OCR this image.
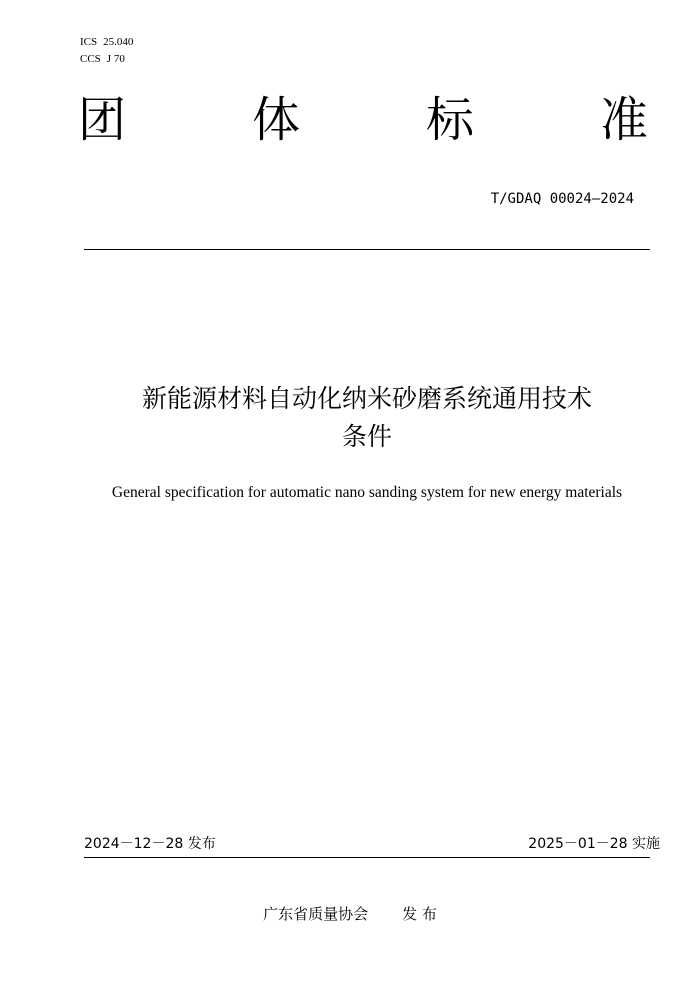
ICS 25.040
CCS J 70
团	体	标	准
T/GDAQ 00024—2024
新能源材料自动化纳米砂磨系统通用技术
条件
General specification for automatic nano sanding system for new energy materials
2024－12－28 发布	2025－01－28 实施
广东省质量协会 发 布
